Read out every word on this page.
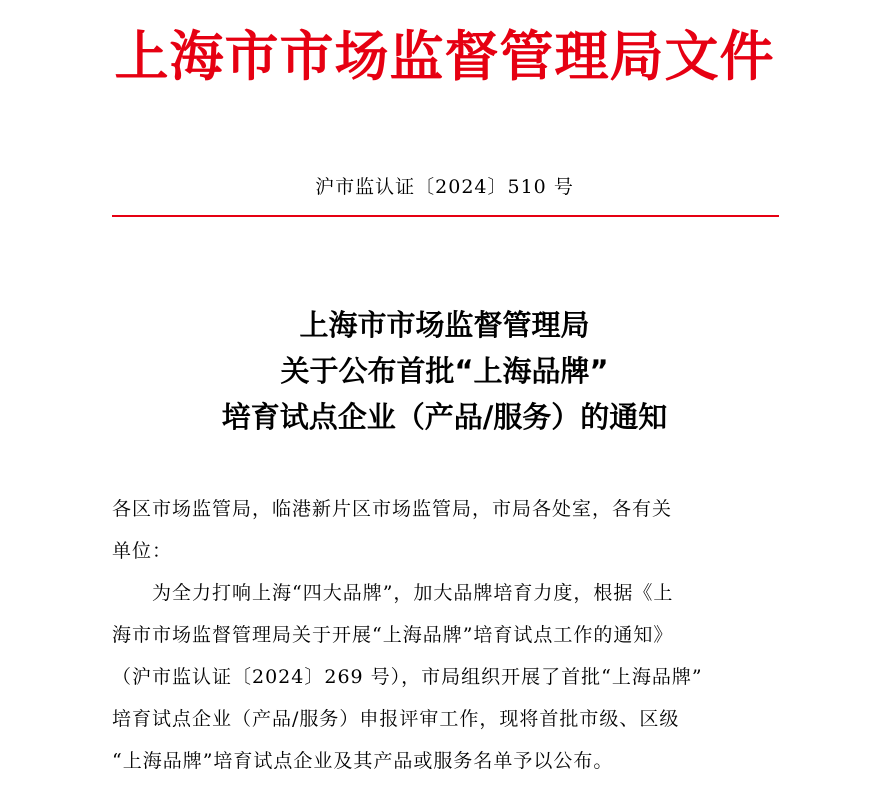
上海市市场监督管理局文件
沪市监认证〔2024〕510 号
上海市市场监督管理局
关于公布首批“上海品牌”
培育试点企业（产品/服务）的通知

各区市场监管局，临港新片区市场监管局，市局各处室，各有关
单位：

　　为全力打响上海“四大品牌”，加大品牌培育力度，根据《上
海市市场监督管理局关于开展“上海品牌”培育试点工作的通知》
（沪市监认证〔2024〕269 号），市局组织开展了首批“上海品牌”
培育试点企业（产品/服务）申报评审工作，现将首批市级、区级
“上海品牌”培育试点企业及其产品或服务名单予以公布。
